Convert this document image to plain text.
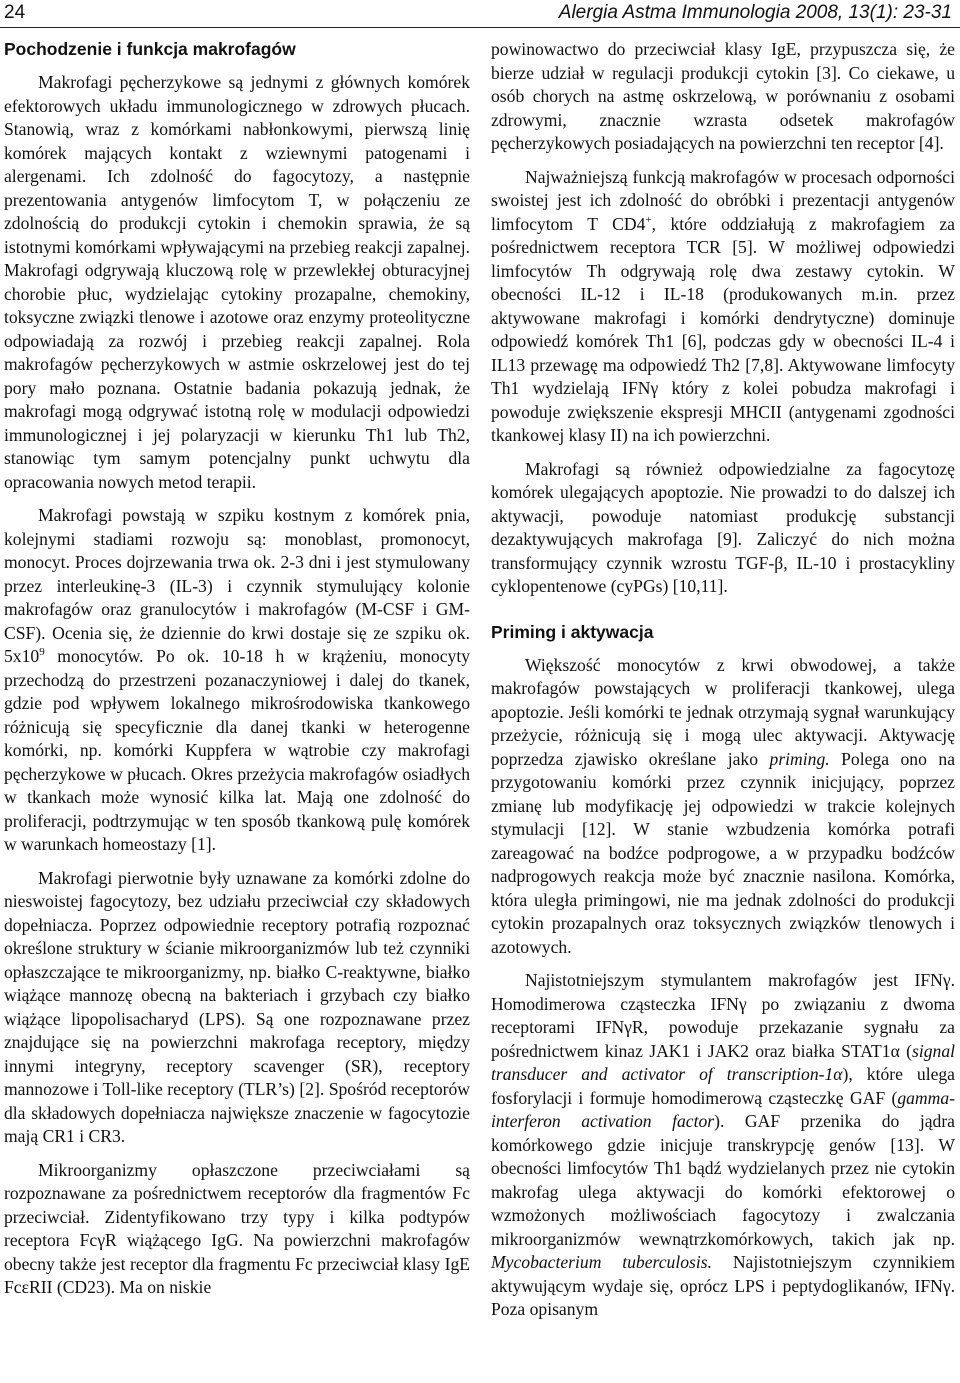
24	Alergia Astma Immunologia 2008, 13(1): 23-31
Pochodzenie i funkcja makrofagów

Makrofagi pęcherzykowe są jednymi z głównych komórek efektorowych układu immunologicznego w zdrowych płucach. Stanowią, wraz z komórkami nabłonkowymi, pierwszą linię komórek mających kontakt z wziewnymi patogenami i alergenami. Ich zdolność do fagocytozy, a następnie prezentowania antygenów limfocytom T, w połączeniu ze zdolnością do produkcji cytokin i chemokin sprawia, że są istotnymi komórkami wpływającymi na przebieg reakcji zapalnej. Makrofagi odgrywają kluczową rolę w przewlekłej obturacyjnej chorobie płuc, wydzielając cytokiny prozapalne, chemokiny, toksyczne związki tlenowe i azotowe oraz enzymy proteolityczne odpowiadają za rozwój i przebieg reakcji zapalnej. Rola makrofagów pęcherzykowych w astmie oskrzelowej jest do tej pory mało poznana. Ostatnie badania pokazują jednak, że makrofagi mogą odgrywać istotną rolę w modulacji odpowiedzi immunologicznej i jej polaryzacji w kierunku Th1 lub Th2, stanowiąc tym samym potencjalny punkt uchwytu dla opracowania nowych metod terapii.

Makrofagi powstają w szpiku kostnym z komórek pnia, kolejnymi stadiami rozwoju są: monoblast, promonocyt, monocyt. Proces dojrzewania trwa ok. 2-3 dni i jest stymulowany przez interleukinę-3 (IL-3) i czynnik stymulujący kolonie makrofagów oraz granulocytów i makrofagów (M-CSF i GM-CSF). Ocenia się, że dziennie do krwi dostaje się ze szpiku ok. $5x10^9$ monocytów. Po ok. 10-18 h w krążeniu, monocyty przechodzą do przestrzeni pozanaczyniowej i dalej do tkanek, gdzie pod wpływem lokalnego mikrośrodowiska tkankowego różnicują się specyficznie dla danej tkanki w heterogenne komórki, np. komórki Kuppfera w wątrobie czy makrofagi pęcherzykowe w płucach. Okres przeżycia makrofagów osiadłych w tkankach może wynosić kilka lat. Mają one zdolność do proliferacji, podtrzymując w ten sposób tkankową pulę komórek w warunkach homeostazy [1].

Makrofagi pierwotnie były uznawane za komórki zdolne do nieswoistej fagocytozy, bez udziału przeciwciał czy składowych dopełniacza. Poprzez odpowiednie receptory potrafią rozpoznać określone struktury w ścianie mikroorganizmów lub też czynniki opłaszczające te mikroorganizmy, np. białko C-reaktywne, białko wiążące mannozę obecną na bakteriach i grzybach czy białko wiążące lipopolisacharyd (LPS). Są one rozpoznawane przez znajdujące się na powierzchni makrofaga receptory, między innymi integryny, receptory scavenger (SR), receptory mannozowe i Toll-like receptory (TLR’s) [2]. Spośród receptorów dla składowych dopełniacza największe znaczenie w fagocytozie mają CR1 i CR3.

Mikroorganizmy opłaszczone przeciwciałami są rozpoznawane za pośrednictwem receptorów dla fragmentów Fc przeciwciał. Zidentyfikowano trzy typy i kilka podtypów receptora FcγR wiążącego IgG. Na powierzchni makrofagów obecny także jest receptor dla fragmentu Fc przeciwciał klasy IgE FcεRII (CD23). Ma on niskie

powinowactwo do przeciwciał klasy IgE, przypuszcza się, że bierze udział w regulacji produkcji cytokin [3]. Co ciekawe, u osób chorych na astmę oskrzelową, w porównaniu z osobami zdrowymi, znacznie wzrasta odsetek makrofagów pęcherzykowych posiadających na powierzchni ten receptor [4].

Najważniejszą funkcją makrofagów w procesach odporności swoistej jest ich zdolność do obróbki i prezentacji antygenów limfocytom T CD4+, które oddziałują z makrofagiem za pośrednictwem receptora TCR [5]. W możliwej odpowiedzi limfocytów Th odgrywają rolę dwa zestawy cytokin. W obecności IL-12 i IL-18 (produkowanych m.in. przez aktywowane makrofagi i komórki dendrytyczne) dominuje odpowiedź komórek Th1 [6], podczas gdy w obecności IL-4 i IL13 przewagę ma odpowiedź Th2 [7,8]. Aktywowane limfocyty Th1 wydzielają IFNγ który z kolei pobudza makrofagi i powoduje zwiększenie ekspresji MHCII (antygenami zgodności tkankowej klasy II) na ich powierzchni.

Makrofagi są również odpowiedzialne za fagocytozę komórek ulegających apoptozie. Nie prowadzi to do dalszej ich aktywacji, powoduje natomiast produkcję substancji dezaktywujących makrofaga [9]. Zaliczyć do nich można transformujący czynnik wzrostu TGF-β, IL-10 i prostacykliny cyklopentenowe (cyPGs) [10,11].

Priming i aktywacja

Większość monocytów z krwi obwodowej, a także makrofagów powstających w proliferacji tkankowej, ulega apoptozie. Jeśli komórki te jednak otrzymają sygnał warunkujący przeżycie, różnicują się i mogą ulec aktywacji. Aktywację poprzedza zjawisko określane jako priming. Polega ono na przygotowaniu komórki przez czynnik inicjujący, poprzez zmianę lub modyfikację jej odpowiedzi w trakcie kolejnych stymulacji [12]. W stanie wzbudzenia komórka potrafi zareagować na bodźce podprogowe, a w przypadku bodźców nadprogowych reakcja może być znacznie nasilona. Komórka, która uległa primingowi, nie ma jednak zdolności do produkcji cytokin prozapalnych oraz toksycznych związków tlenowych i azotowych.

Najistotniejszym stymulantem makrofagów jest IFNγ. Homodimerowa cząsteczka IFNγ po związaniu z dwoma receptorami IFNγR, powoduje przekazanie sygnału za pośrednictwem kinaz JAK1 i JAK2 oraz białka STAT1α (signal transducer and activator of transcription-1α), które ulega fosforylacji i formuje homodimerową cząsteczkę GAF (gamma-interferon activation factor). GAF przenika do jądra komórkowego gdzie inicjuje transkrypcję genów [13]. W obecności limfocytów Th1 bądź wydzielanych przez nie cytokin makrofag ulega aktywacji do komórki efektorowej o wzmożonych możliwościach fagocytozy i zwalczania mikroorganizmów wewnątrzkomórkowych, takich jak np. Mycobacterium tuberculosis. Najistotniejszym czynnikiem aktywującym wydaje się, oprócz LPS i peptydoglikanów, IFNγ. Poza opisanym
